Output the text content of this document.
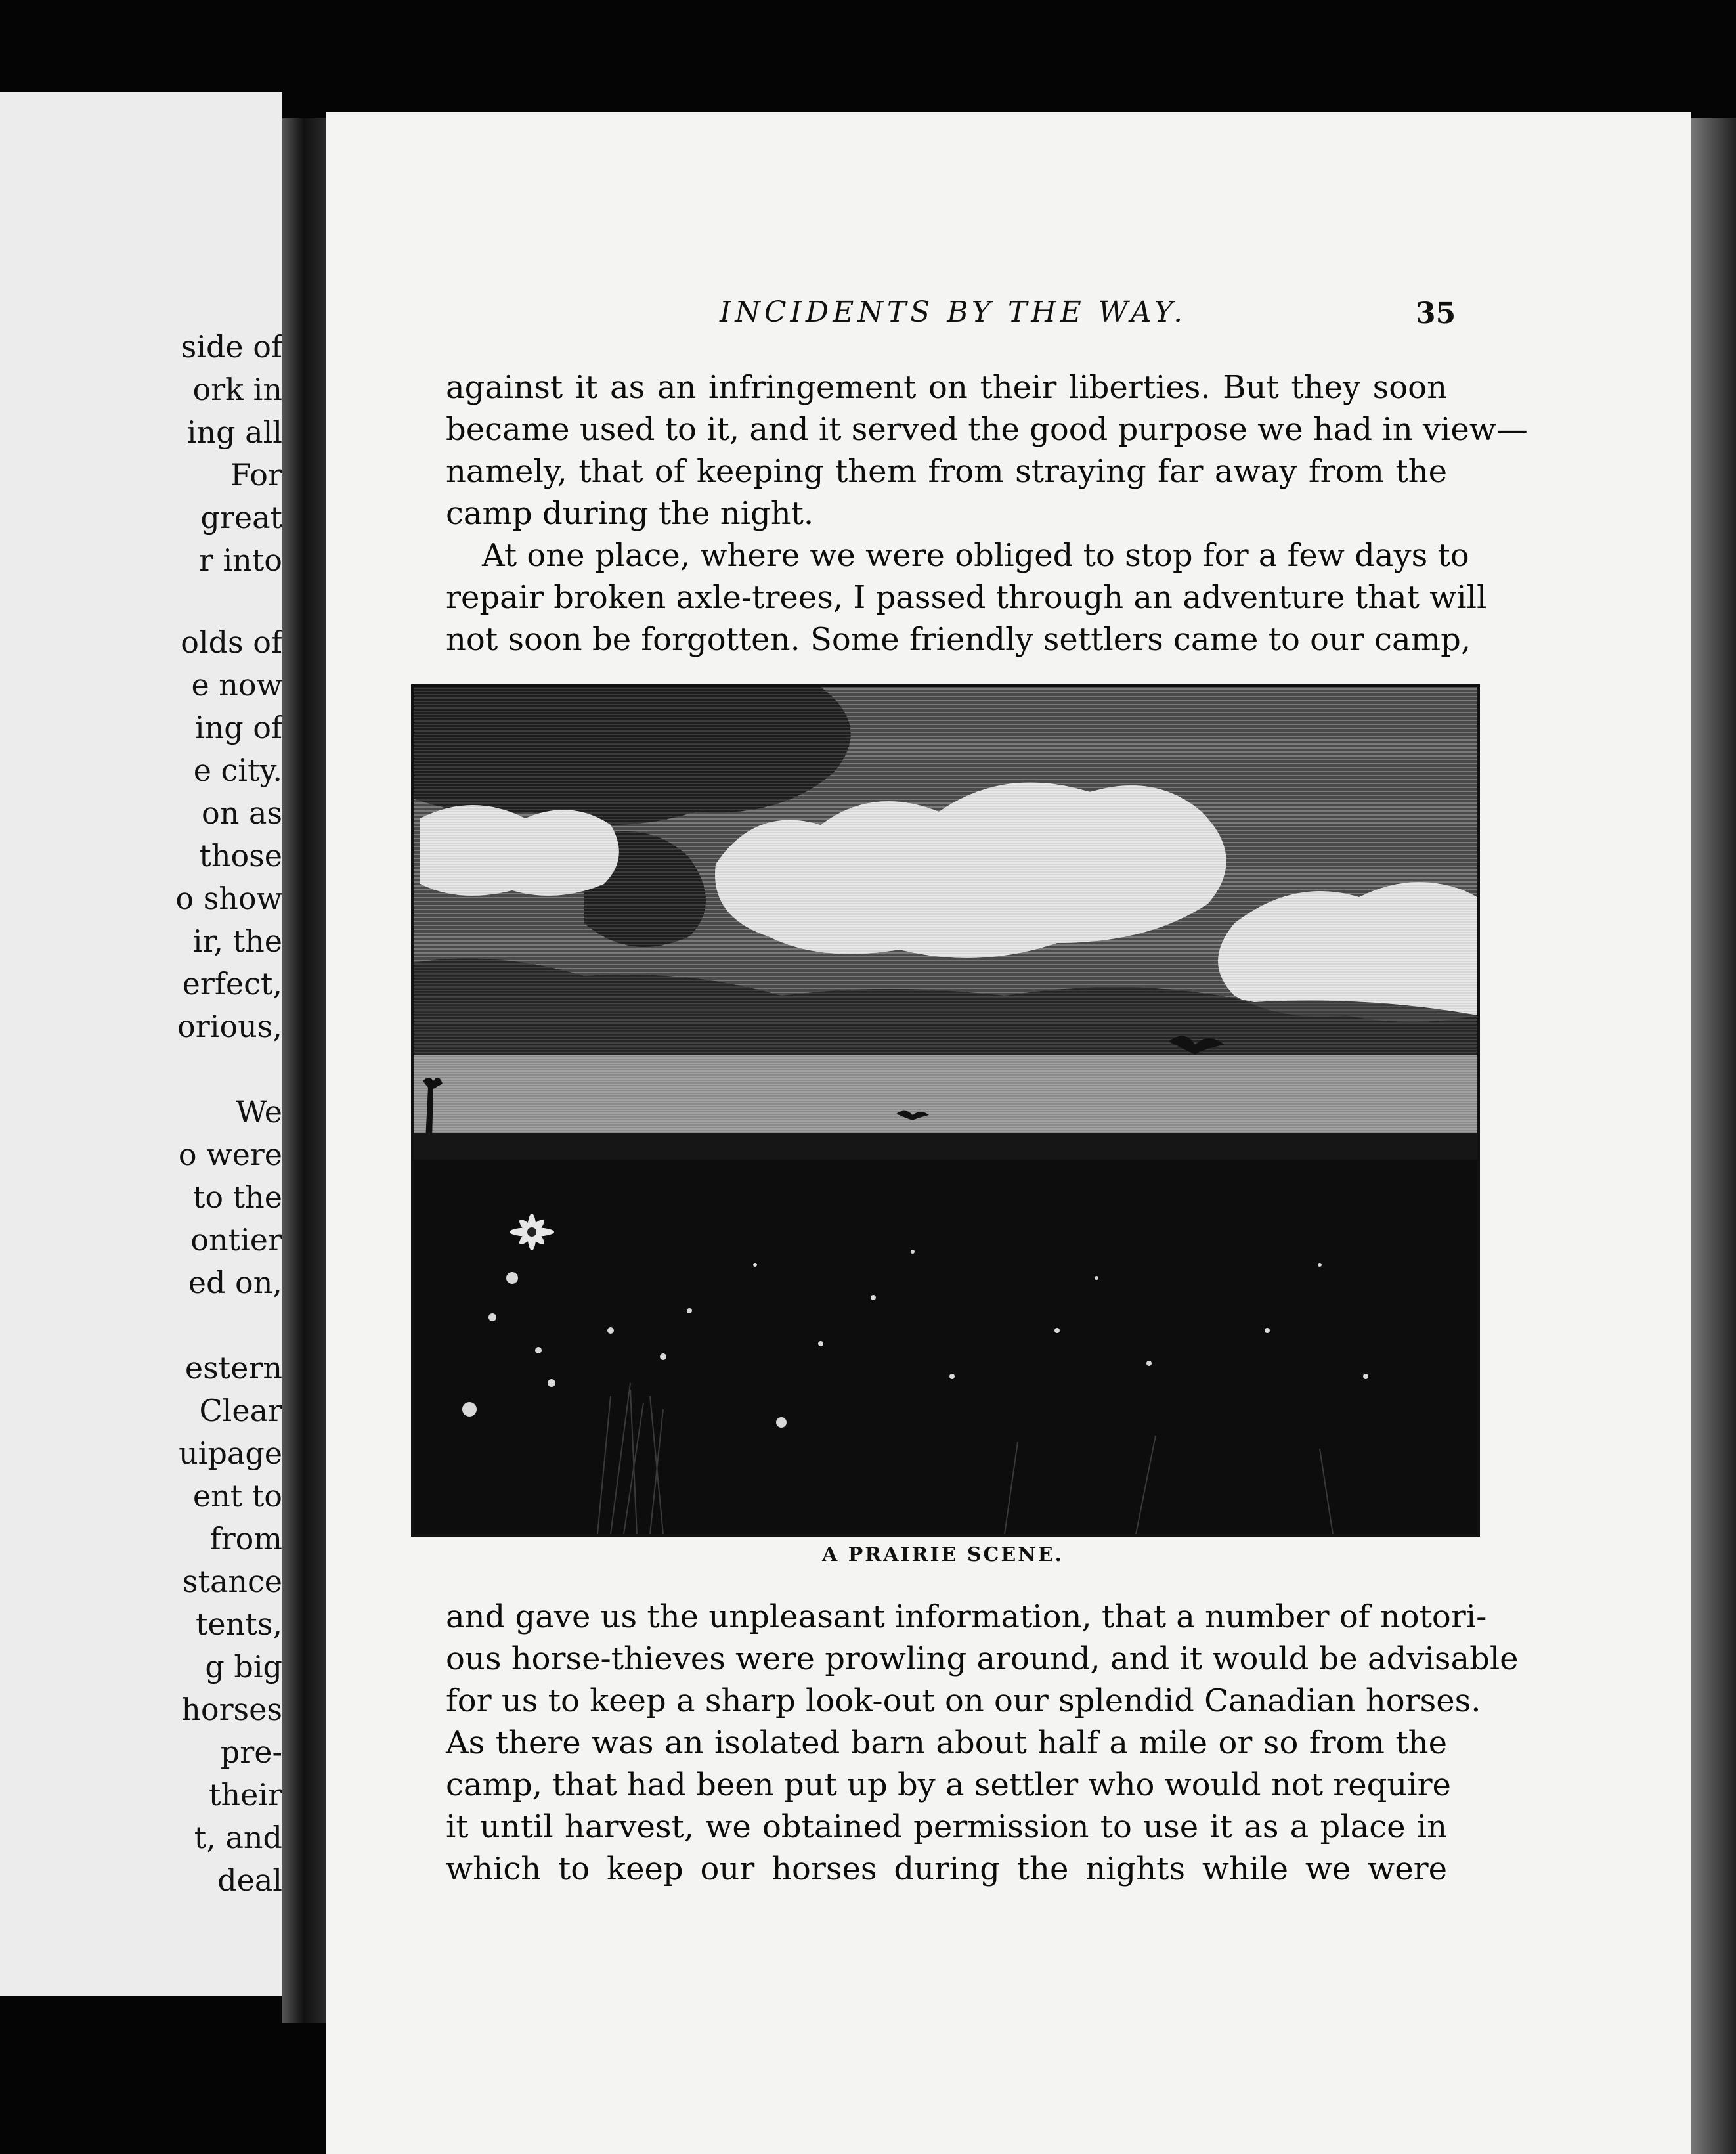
side of
ork in
ing all
For
great
r into
olds of
e now
ing of
e city.
on as
those
o show
ir, the
erfect,
orious,
We
o were
to the
ontier
ed on,
estern
Clear
uipage
ent to
from
stance
tents,
g big
horses
pre-
their
t, and
deal
INCIDENTS BY THE WAY.	35
against it as an infringement on their liberties. But they soon
became used to it, and it served the good purpose we had in view—
namely, that of keeping them from straying far away from the
camp during the night.
At one place, where we were obliged to stop for a few days to
repair broken axle-trees, I passed through an adventure that will
not soon be forgotten. Some friendly settlers came to our camp,
A PRAIRIE SCENE.
and gave us the unpleasant information, that a number of notori-
ous horse-thieves were prowling around, and it would be advisable
for us to keep a sharp look-out on our splendid Canadian horses.
As there was an isolated barn about half a mile or so from the
camp, that had been put up by a settler who would not require
it until harvest, we obtained permission to use it as a place in
which to keep our horses during the nights while we were
